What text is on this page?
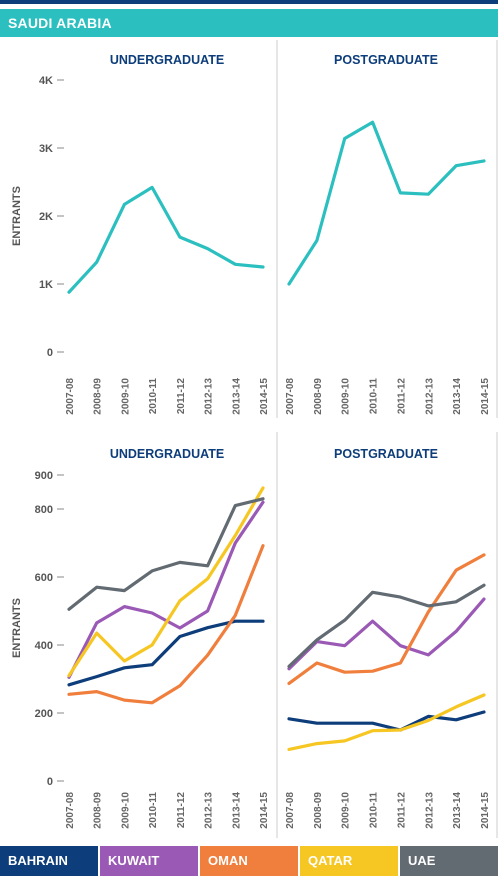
SAUDI ARABIA
UNDERGRADUATE
0
1K
2K
3K
4K
ENTRANTS
2007-08 2008-09 2009-10 2010-11 2011-12 2012-13 2013-14 2014-15
POSTGRADUATE
2007-08 2008-09 2009-10 2010-11 2011-12 2012-13 2013-14 2014-15
UNDERGRADUATE
0
200
400
600
800
900
ENTRANTS
2007-08 2008-09 2009-10 2010-11 2011-12 2012-13 2013-14 2014-15
POSTGRADUATE
2007-08 2008-09 2009-10 2010-11 2011-12 2012-13 2013-14 2014-15
BAHRAIN	KUWAIT	OMAN	QATAR	UAE
